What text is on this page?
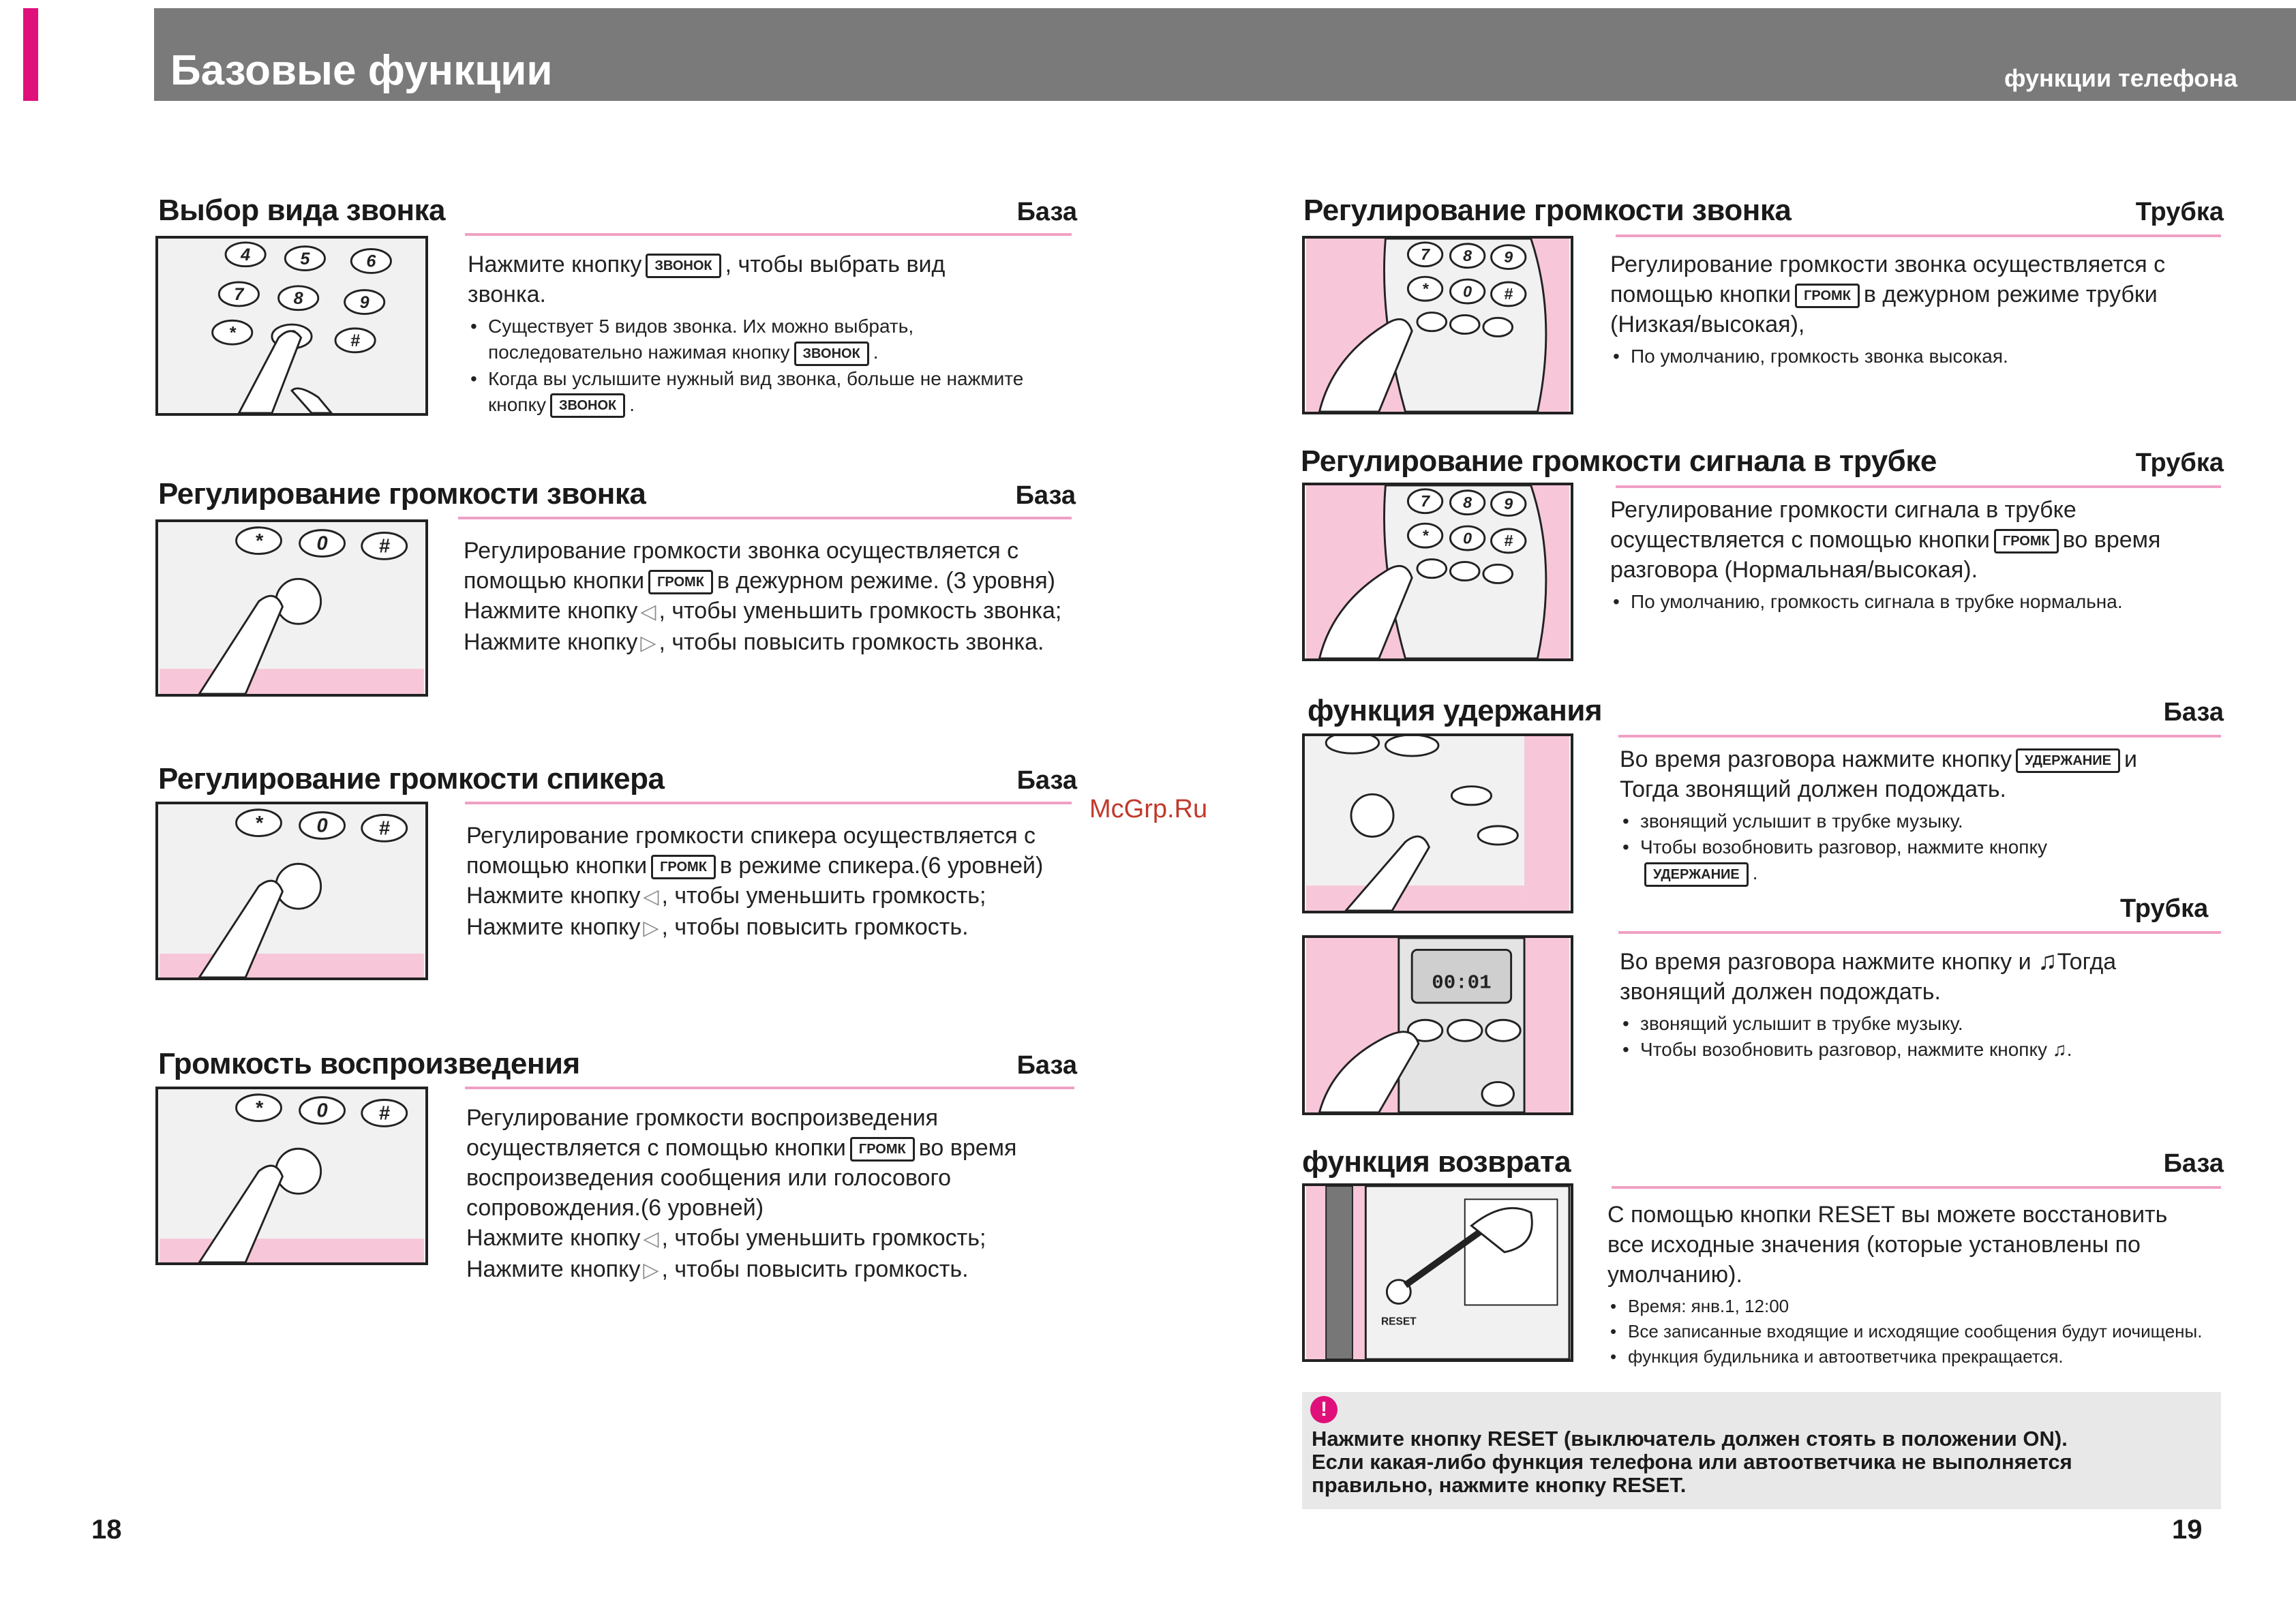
Базовые функции	функции телефона
Выбор вида звонка	База
4	5	6
7	8	9
*	#

Нажмите кнопку ЗВОНОК , чтобы выбрать вид

звонка.

• Существует 5 видов звонка. Их можно выбрать,
последовательно нажимая кнопку ЗВОНОК .
• Когда вы услышите нужный вид звонка, больше не нажмите
кнопку ЗВОНОК .
Регулирование громкости звонка	База
*	0 #	Регулирование громкости звонка осуществляется с

помощью кнопки ГРОМК в дежурном режиме. (3 уровня)

Нажмите кнопку ◁ , чтобы уменьшить громкость звонка;

Нажмите кнопку ▷ , чтобы повысить громкость звонка.

Регулирование громкости спикера	База
*	0 #	Регулирование громкости спикера осуществляется с

помощью кнопки ГРОМК в режиме спикера.(6 уровней)

Нажмите кнопку ◁ , чтобы уменьшить громкость;

Нажмите кнопку ▷ , чтобы повысить громкость.

Громкость воспроизведения	База
*	0 #	Регулирование громкости воспроизведения

осуществляется с помощью кнопки ГРОМК во время

воспроизведения сообщения или голосового

сопровождения.(6 уровней)

Нажмите кнопку ◁ , чтобы уменьшить громкость;

Нажмите кнопку ▷ , чтобы повысить громкость.

McGrp.Ru
Регулирование громкости звонка	Трубка
7 8 9
* 0 #

Регулирование громкости звонка осуществляется с

помощью кнопки ГРОМК в дежурном режиме трубки

(Низкая/высокая),

• По умолчанию, громкость звонка высокая.
Регулирование громкости сигнала в трубке	Трубка
7 8 9
* 0 #

Регулирование громкости сигнала в трубке

осуществляется с помощью кнопки ГРОМК во время

разговора (Нормальная/высокая).

• По умолчанию, громкость сигнала в трубке нормальна.
функция удержания	База

Во время разговора нажмите кнопку УДЕРЖАНИЕ и

Тогда звонящий должен подождать.

• звонящий услышит в трубке музыку.
• Чтобы возобновить разговор, нажмите кнопку
УДЕРЖАНИЕ .
Трубка
00:01

Во время разговора нажмите кнопку и ♫Тогда

звонящий должен подождать.

• звонящий услышит в трубке музыку.
• Чтобы возобновить разговор, нажмите кнопку ♫.
функция возврата	База
RESET

С помощью кнопки RESET вы можете восстановить

все исходные значения (которые установлены по

умолчанию).

• Время: янв.1, 12:00
• Все записанные входящие и исходящие сообщения будут иочищены.
• функция будильника и автоответчика прекращается.
!
Нажмите кнопку RESET (выключатель должен стоять в положении ON).
Если какая-либо функция телефона или автоответчика не выполняется
правильно, нажмите кнопку RESET.
18	19
